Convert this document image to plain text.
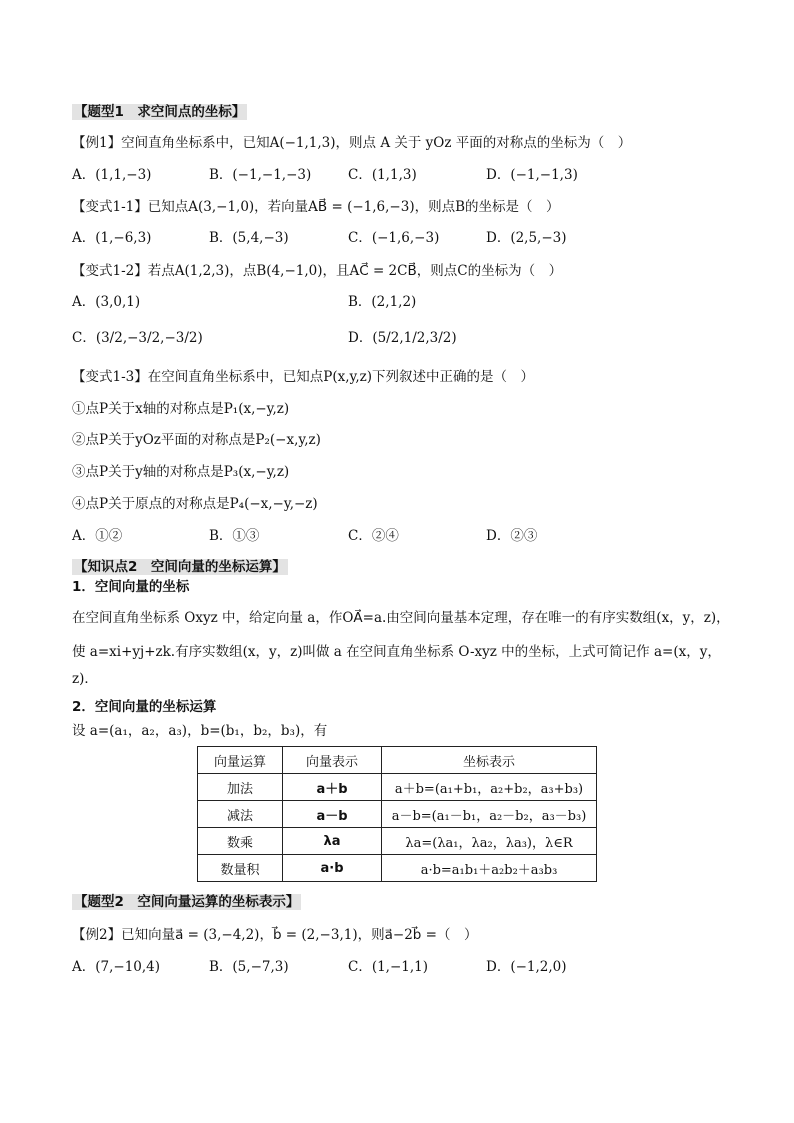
【题型1　求空间点的坐标】
【例1】空间直角坐标系中，已知A(−1,1,3)，则点 A 关于 yOz 平面的对称点的坐标为（　）
A．(1,1,−3)	B．(−1,−1,−3)	C．(1,1,3)	D．(−1,−1,3)
【变式1-1】已知点A(3,−1,0)，若向量AB⃗ = (−1,6,−3)，则点B的坐标是（　）
A．(1,−6,3)	B．(5,4,−3)	C．(−1,6,−3)	D．(2,5,−3)
【变式1-2】若点A(1,2,3)，点B(4,−1,0)，且AC⃗ = 2CB⃗，则点C的坐标为（　）
A．(3,0,1)	B．(2,1,2)
C．(3/2,−3/2,−3/2)	D．(5/2,1/2,3/2)
【变式1-3】在空间直角坐标系中，已知点P(x,y,z)下列叙述中正确的是（　）
①点P关于x轴的对称点是P₁(x,−y,z)
②点P关于yOz平面的对称点是P₂(−x,y,z)
③点P关于y轴的对称点是P₃(x,−y,z)
④点P关于原点的对称点是P₄(−x,−y,−z)
A．①②	B．①③	C．②④	D．②③
【知识点2　空间向量的坐标运算】
1．空间向量的坐标
在空间直角坐标系 Oxyz 中，给定向量 a，作OA⃗=a.由空间向量基本定理，存在唯一的有序实数组(x，y，z)，
使 a=xi+yj+zk.有序实数组(x，y，z)叫做 a 在空间直角坐标系 O-xyz 中的坐标，上式可简记作 a=(x，y，
z)．
2．空间向量的坐标运算
设 a=(a₁，a₂，a₃)，b=(b₁，b₂，b₃)，有
向量运算	向量表示	坐标表示
加法	a＋b	a＋b=(a₁+b₁，a₂+b₂，a₃+b₃)
减法	a－b	a－b=(a₁－b₁，a₂－b₂，a₃－b₃)
数乘	λa	λa=(λa₁，λa₂，λa₃)，λ∈R
数量积	a·b	a·b=a₁b₁＋a₂b₂＋a₃b₃
【题型2　空间向量运算的坐标表示】
【例2】已知向量a⃗ = (3,−4,2)，b⃗ = (2,−3,1)，则a⃗−2b⃗ =（　）
A．(7,−10,4)	B．(5,−7,3)	C．(1,−1,1)	D．(−1,2,0)
